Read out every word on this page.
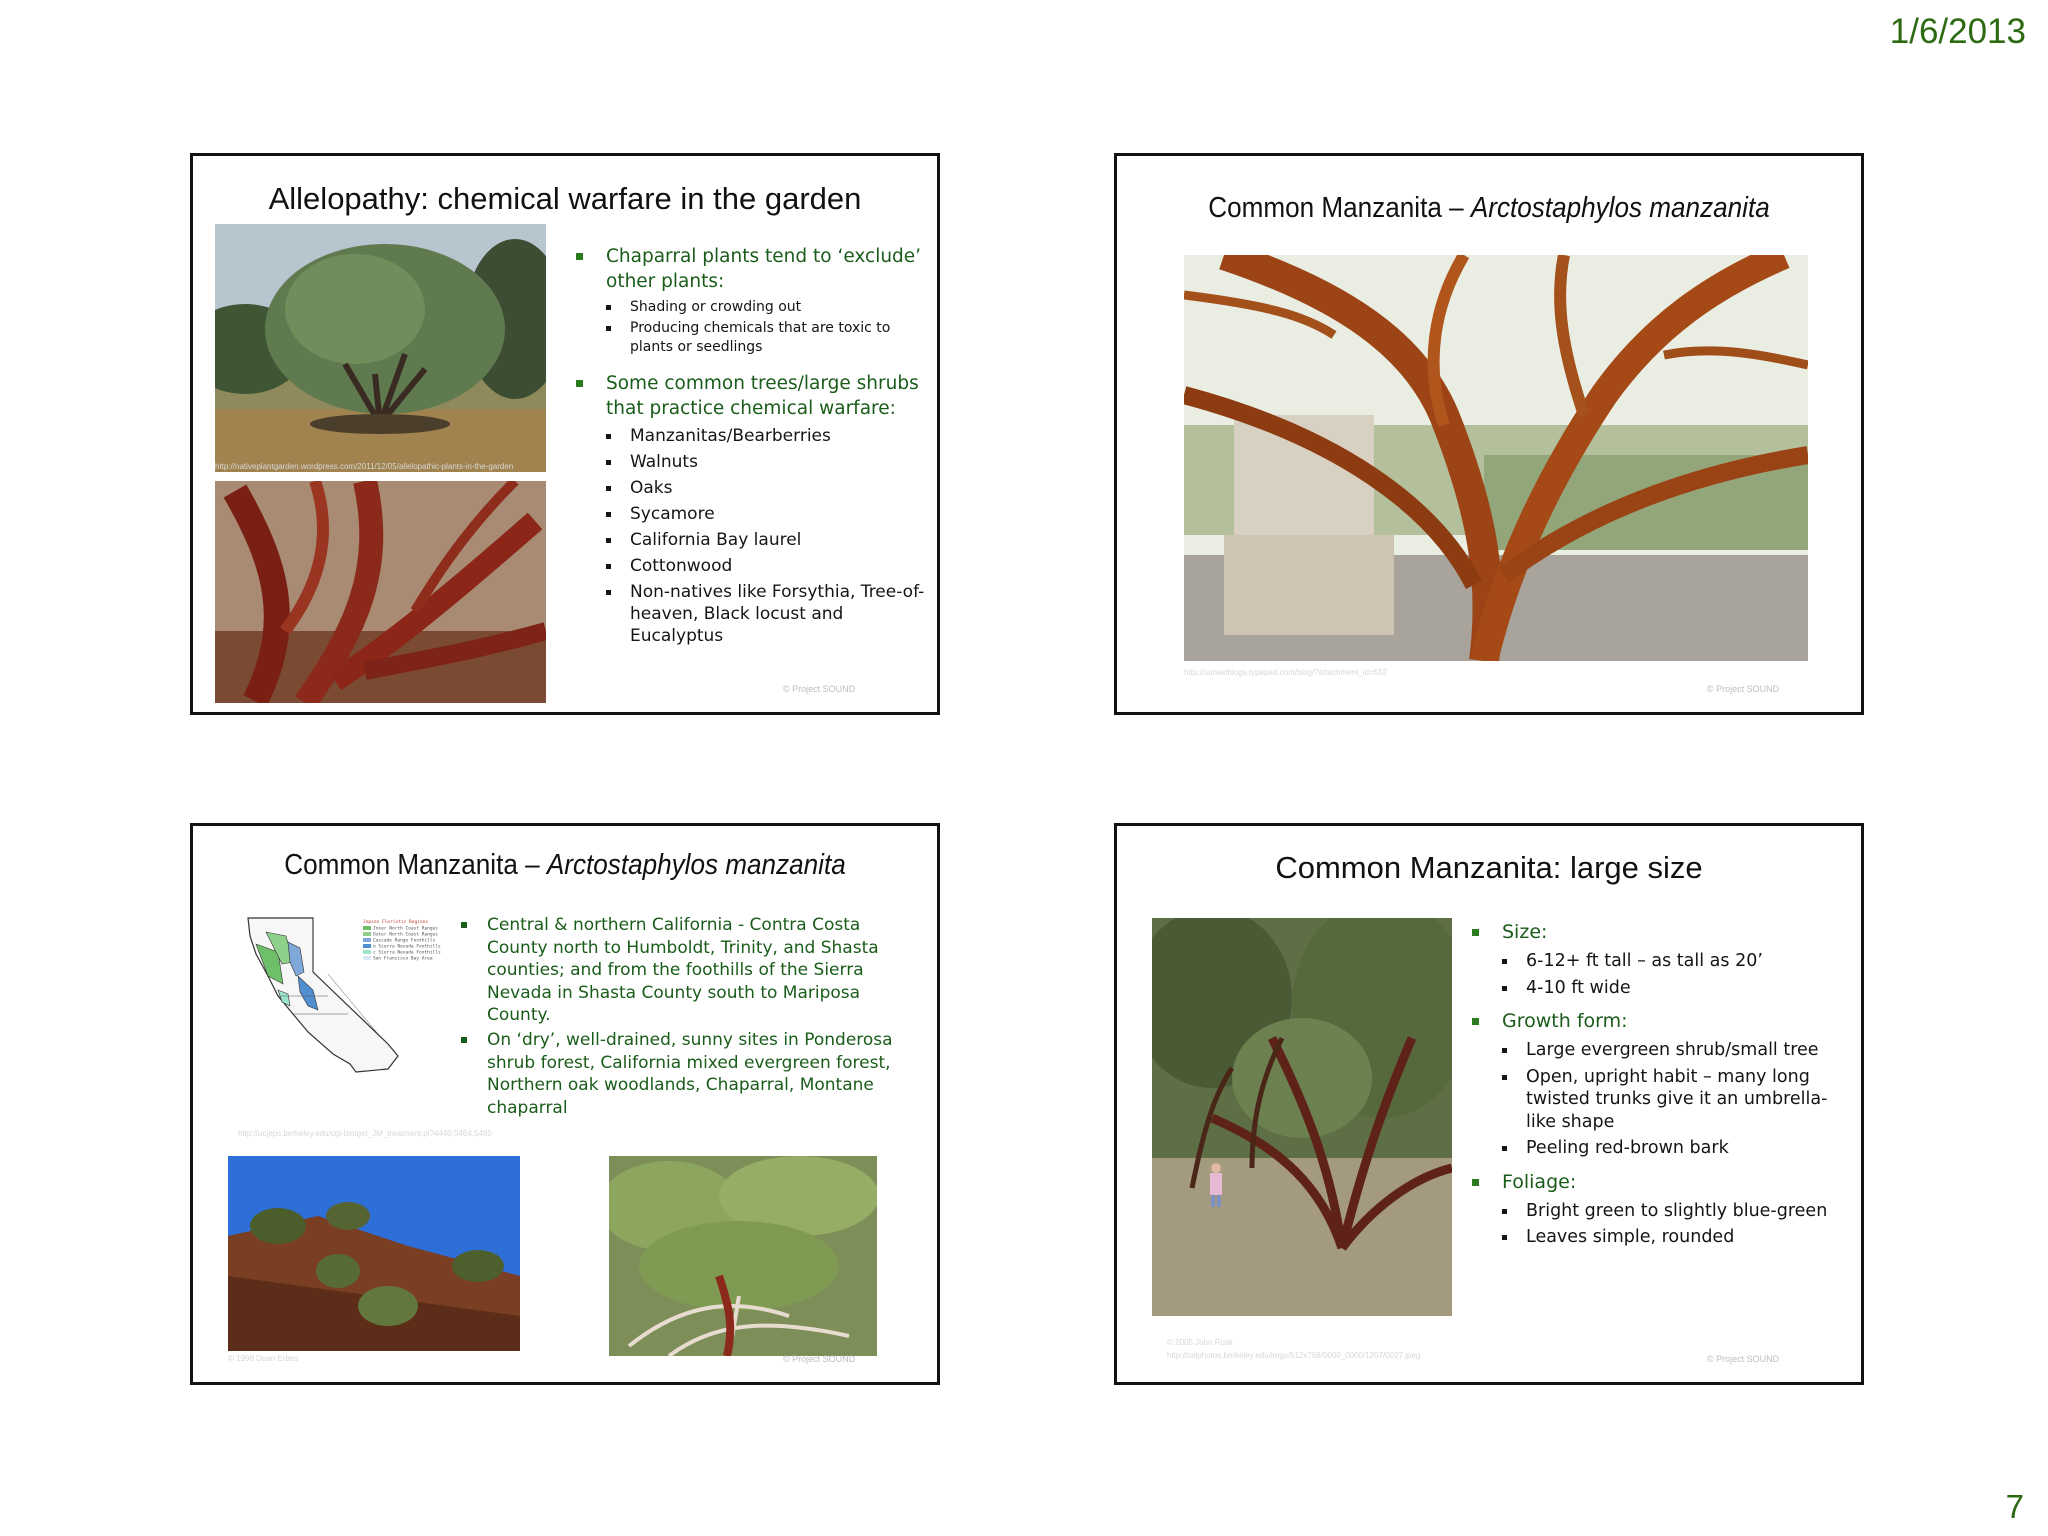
1/6/2013
Allelopathy: chemical warfare in the garden
http://nativeplantgarden.wordpress.com/2011/12/05/allelopathic-plants-in-the-garden
Chaparral plants tend to ‘exclude’ other plants:
Shading or crowding out
Producing chemicals that are toxic to plants or seedlings
Some common trees/large shrubs that practice chemical warfare:
Manzanitas/Bearberries
Walnuts
Oaks
Sycamore
California Bay laurel
Cottonwood
Non-natives like Forsythia, Tree-of-heaven, Black locust and Eucalyptus
© Project SOUND
Common Manzanita – Arctostaphylos manzanita
http://sunsetblogs.typepad.com/blog/?attachment_id=552
© Project SOUND
Common Manzanita – Arctostaphylos manzanita
Jepson Floristic Regions
Inner North Coast Ranges
Outer North Coast Ranges
Cascade Range Foothills
n Sierra Nevada Foothills
c Sierra Nevada Foothills
San Francisco Bay Area
http://ucjeps.berkeley.edu/cgi-bin/get_JM_treatment.pl?4440,5464,5480
Central & northern California - Contra Costa County north to Humboldt, Trinity, and Shasta counties; and from the foothills of the Sierra Nevada in Shasta County south to Mariposa County.
On ‘dry’, well-drained, sunny sites in Ponderosa shrub forest, California mixed evergreen forest, Northern oak woodlands, Chaparral, Montane chaparral
© 1998 Dean Erbes	© Project SOUND
Common Manzanita: large size
Size:
6-12+ ft tall – as tall as 20’
4-10 ft wide
Growth form:
Large evergreen shrub/small tree
Open, upright habit – many long twisted trunks give it an umbrella-like shape
Peeling red-brown bark
Foliage:
Bright green to slightly blue-green
Leaves simple, rounded
© 2005 John Rusk
http://calphotos.berkeley.edu/imgs/512x768/0000_0000/1207/0027.jpeg	© Project SOUND
7
